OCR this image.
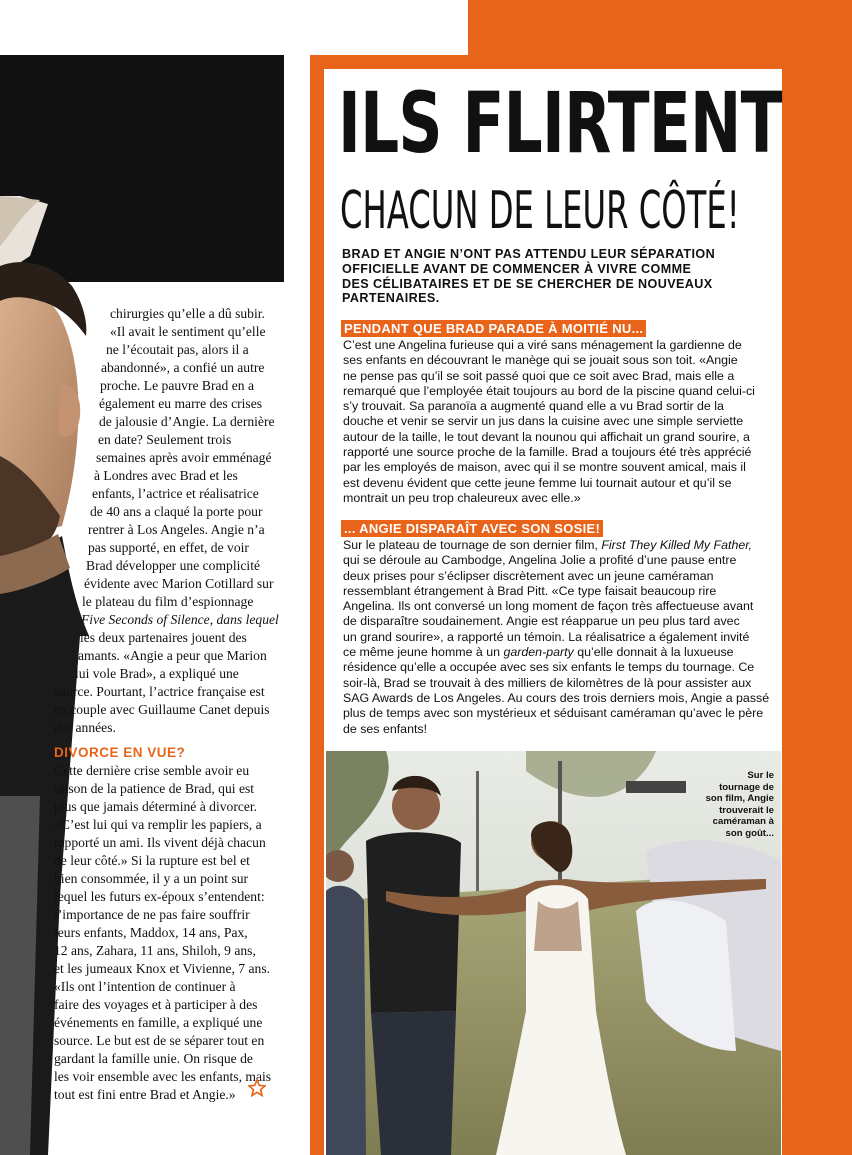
chirurgies qu’elle a dû subir.
«Il avait le sentiment qu’elle
ne l’écoutait pas, alors il a
abandonné», a confié un autre
proche. Le pauvre Brad en a
également eu marre des crises
de jalousie d’Angie. La dernière
en date? Seulement trois
semaines après avoir emménagé
à Londres avec Brad et les
enfants, l’actrice et réalisatrice
de 40 ans a claqué la porte pour
rentrer à Los Angeles. Angie n’a
pas supporté, en effet, de voir
Brad développer une complicité
évidente avec Marion Cotillard sur
le plateau du film d’espionnage
Five Seconds of Silence, dans lequel
les deux partenaires jouent des
amants. «Angie a peur que Marion
lui vole Brad», a expliqué une
source. Pourtant, l’actrice française est
en couple avec Guillaume Canet depuis
des années.
DIVORCE EN VUE?
Cette dernière crise semble avoir eu
raison de la patience de Brad, qui est
plus que jamais déterminé à divorcer.
«C’est lui qui va remplir les papiers, a
rapporté un ami. Ils vivent déjà chacun
de leur côté.» Si la rupture est bel et
bien consommée, il y a un point sur
lequel les futurs ex-époux s’entendent:
l’importance de ne pas faire souffrir
leurs enfants, Maddox, 14 ans, Pax,
12 ans, Zahara, 11 ans, Shiloh, 9 ans,
et les jumeaux Knox et Vivienne, 7 ans.
«Ils ont l’intention de continuer à
faire des voyages et à participer à des
événements en famille, a expliqué une
source. Le but est de se séparer tout en
gardant la famille unie. On risque de
les voir ensemble avec les enfants, mais
tout est fini entre Brad et Angie.»
ILS FLIRTENT
CHACUN DE LEUR CÔTÉ!
BRAD ET ANGIE N’ONT PAS ATTENDU LEUR SÉPARATION
OFFICIELLE AVANT DE COMMENCER À VIVRE COMME
DES CÉLIBATAIRES ET DE SE CHERCHER DE NOUVEAUX
PARTENAIRES.
PENDANT QUE BRAD PARADE À MOITIÉ NU...
C’est une Angelina furieuse qui a viré sans ménagement la gardienne de
ses enfants en découvrant le manège qui se jouait sous son toit. «Angie
ne pense pas qu’il se soit passé quoi que ce soit avec Brad, mais elle a
remarqué que l’employée était toujours au bord de la piscine quand celui-ci
s’y trouvait. Sa paranoïa a augmenté quand elle a vu Brad sortir de la
douche et venir se servir un jus dans la cuisine avec une simple serviette
autour de la taille, le tout devant la nounou qui affichait un grand sourire, a
rapporté une source proche de la famille. Brad a toujours été très apprécié
par les employés de maison, avec qui il se montre souvent amical, mais il
est devenu évident que cette jeune femme lui tournait autour et qu’il se
montrait un peu trop chaleureux avec elle.»
... ANGIE DISPARAÎT AVEC SON SOSIE!
Sur le plateau de tournage de son dernier film, First They Killed My Father,
qui se déroule au Cambodge, Angelina Jolie a profité d’une pause entre
deux prises pour s’éclipser discrètement avec un jeune caméraman
ressemblant étrangement à Brad Pitt. «Ce type faisait beaucoup rire
Angelina. Ils ont conversé un long moment de façon très affectueuse avant
de disparaître soudainement. Angie est réapparue un peu plus tard avec
un grand sourire», a rapporté un témoin. La réalisatrice a également invité
ce même jeune homme à un garden-party qu’elle donnait à la luxueuse
résidence qu’elle a occupée avec ses six enfants le temps du tournage. Ce
soir-là, Brad se trouvait à des milliers de kilomètres de là pour assister aux
SAG Awards de Los Angeles. Au cours des trois derniers mois, Angie a passé
plus de temps avec son mystérieux et séduisant caméraman qu’avec le père
de ses enfants!
Sur le
tournage de
son film, Angie
trouverait le
caméraman à
son goût...
